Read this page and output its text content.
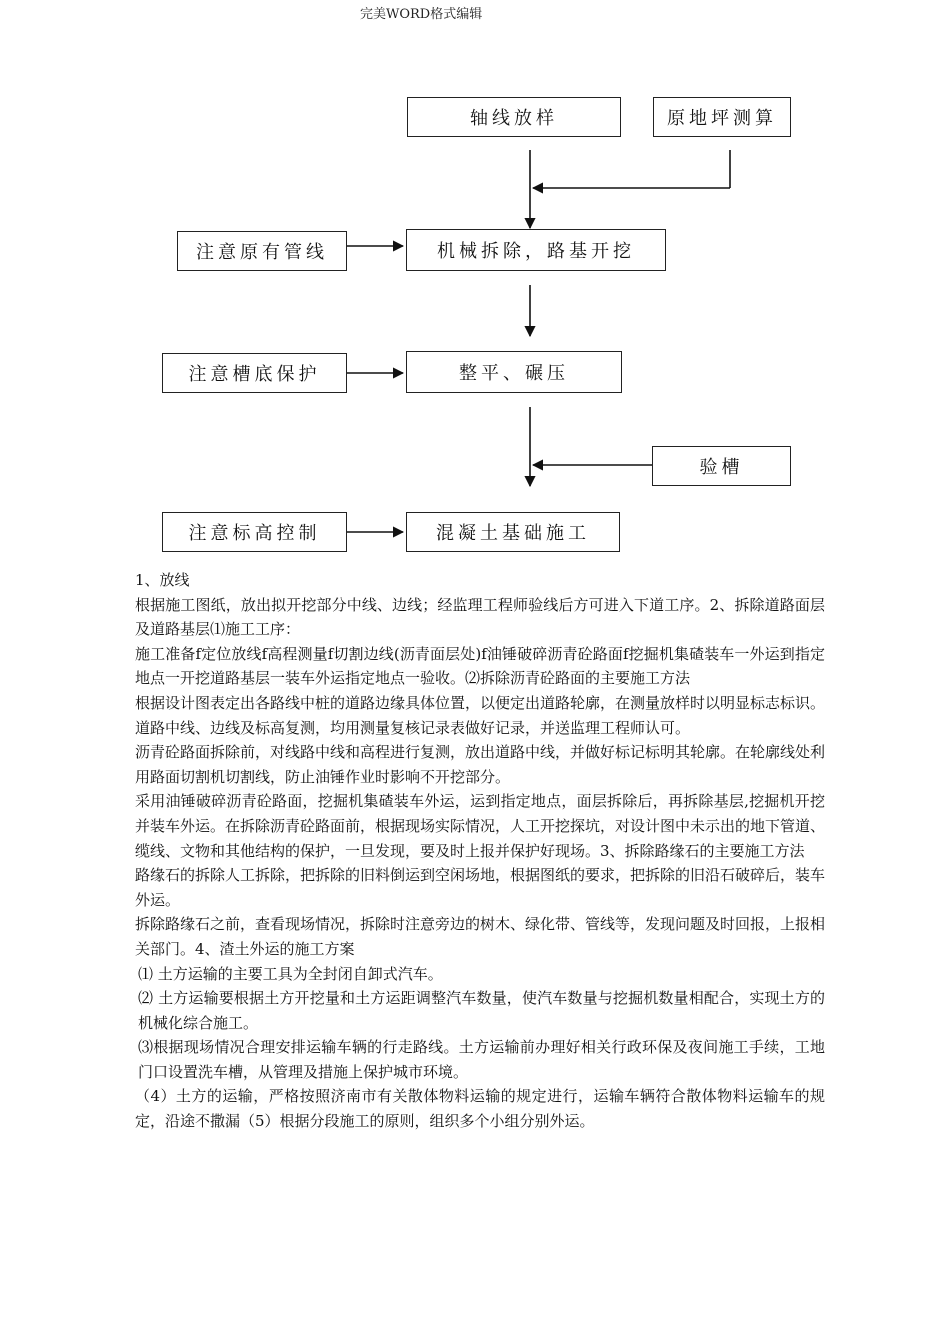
完美WORD格式编辑
轴线放样	原地坪测算
机械拆除，路基开挖
注意原有管线
整平、碾压
注意槽底保护
验槽
混凝土基础施工
注意标高控制

1、放线

根据施工图纸，放出拟开挖部分中线、边线；经监理工程师验线后方可进入下道工序。2、拆除道路面层及道路基层⑴施工工序：

施工准备f定位放线f高程测量f切割边线(沥青面层处)f油锤破碎沥青砼路面f挖掘机集碴装车一外运到指定地点一开挖道路基层一装车外运指定地点一验收。⑵拆除沥青砼路面的主要施工方法

根据设计图表定出各路线中桩的道路边缘具体位置，以便定出道路轮廓，在测量放样时以明显标志标识。

道路中线、边线及标高复测，均用测量复核记录表做好记录，并送监理工程师认可。

沥青砼路面拆除前，对线路中线和高程进行复测，放出道路中线，并做好标记标明其轮廓。在轮廓线处利用路面切割机切割线，防止油锤作业时影响不开挖部分。

采用油锤破碎沥青砼路面，挖掘机集碴装车外运，运到指定地点，面层拆除后，再拆除基层,挖掘机开挖并装车外运。在拆除沥青砼路面前，根据现场实际情况，人工开挖探坑，对设计图中未示出的地下管道、缆线、文物和其他结构的保护，一旦发现，要及时上报并保护好现场。3、拆除路缘石的主要施工方法

路缘石的拆除人工拆除，把拆除的旧料倒运到空闲场地，根据图纸的要求，把拆除的旧沿石破碎后，装车外运。

拆除路缘石之前，查看现场情况，拆除时注意旁边的树木、绿化带、管线等，发现问题及时回报，上报相关部门。4、渣土外运的施工方案

⑴ 土方运输的主要工具为全封闭自卸式汽车。

⑵ 土方运输要根据土方开挖量和土方运距调整汽车数量，使汽车数量与挖掘机数量相配合，实现土方的机械化综合施工。

⑶根据现场情况合理安排运输车辆的行走路线。土方运输前办理好相关行政环保及夜间施工手续，工地门口设置洗车槽，从管理及措施上保护城市环境。

（4）土方的运输，严格按照济南市有关散体物料运输的规定进行，运输车辆符合散体物料运输车的规定，沿途不撒漏（5）根据分段施工的原则，组织多个小组分别外运。
